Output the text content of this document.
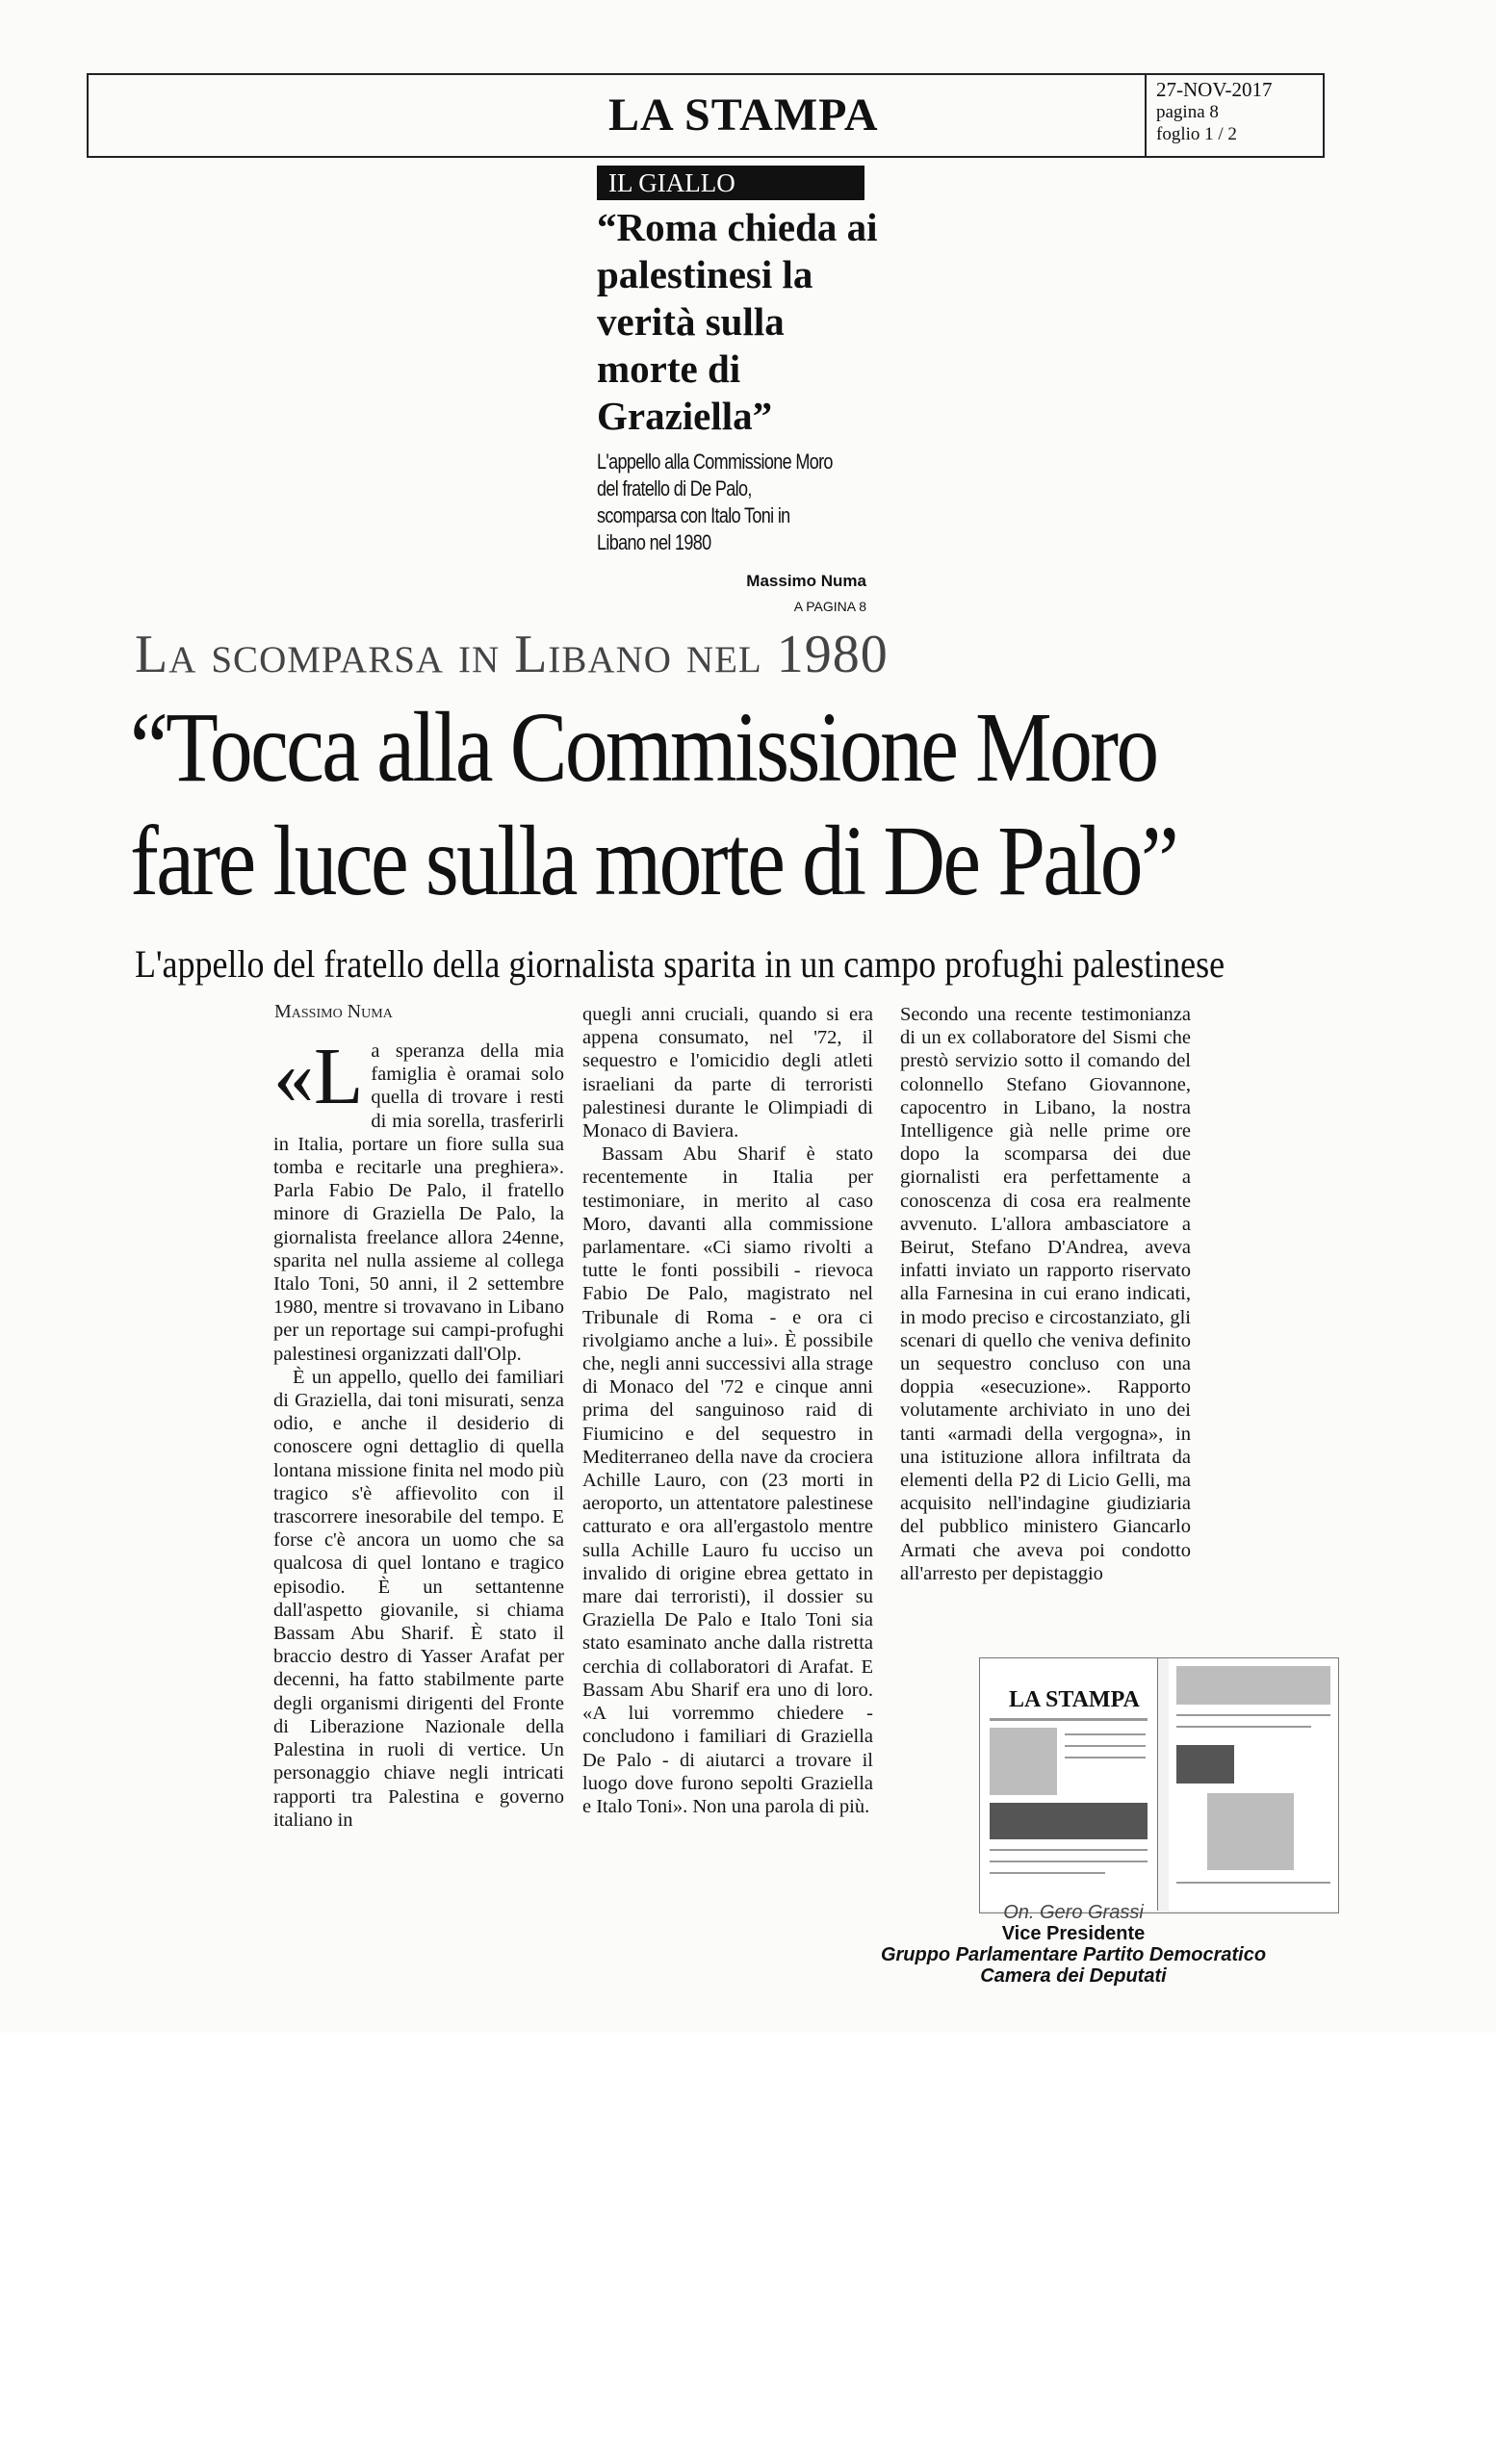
LA STAMPA	27-NOV-2017
pagina 8
foglio 1 / 2
IL GIALLO
“Roma chieda ai palestinesi la verità sulla morte di Graziella”
L'appello alla Commissione Moro del fratello di De Palo, scomparsa con Italo Toni in Libano nel 1980
Massimo Numa
A PAGINA 8
La scomparsa in Libano nel 1980
“Tocca alla Commissione Moro
fare luce sulla morte di De Palo”
L'appello del fratello della giornalista sparita in un campo profughi palestinese
Massimo Numa

«La speranza della mia famiglia è oramai solo quella di trovare i resti di mia sorella, trasferirli in Italia, portare un fiore sulla sua tomba e recitarle una preghiera». Parla Fabio De Palo, il fratello minore di Graziella De Palo, la giornalista freelance allora 24enne, sparita nel nulla assieme al collega Italo Toni, 50 anni, il 2 settembre 1980, mentre si trovavano in Libano per un reportage sui campi-profughi palestinesi organizzati dall'Olp.

È un appello, quello dei familiari di Graziella, dai toni misurati, senza odio, e anche il desiderio di conoscere ogni dettaglio di quella lontana missione finita nel modo più tragico s'è affievolito con il trascorrere inesorabile del tempo. E forse c'è ancora un uomo che sa qualcosa di quel lontano e tragico episodio. È un settantenne dall'aspetto giovanile, si chiama Bassam Abu Sharif. È stato il braccio destro di Yasser Arafat per decenni, ha fatto stabilmente parte degli organismi dirigenti del Fronte di Liberazione Nazionale della Palestina in ruoli di vertice. Un personaggio chiave negli intricati rapporti tra Palestina e governo italiano in

quegli anni cruciali, quando si era appena consumato, nel '72, il sequestro e l'omicidio degli atleti israeliani da parte di terroristi palestinesi durante le Olimpiadi di Monaco di Baviera.

Bassam Abu Sharif è stato recentemente in Italia per testimoniare, in merito al caso Moro, davanti alla commissione parlamentare. «Ci siamo rivolti a tutte le fonti possibili - rievoca Fabio De Palo, magistrato nel Tribunale di Roma - e ora ci rivolgiamo anche a lui». È possibile che, negli anni successivi alla strage di Monaco del '72 e cinque anni prima del sanguinoso raid di Fiumicino e del sequestro in Mediterraneo della nave da crociera Achille Lauro, con (23 morti in aeroporto, un attentatore palestinese catturato e ora all'ergastolo mentre sulla Achille Lauro fu ucciso un invalido di origine ebrea gettato in mare dai terroristi), il dossier su Graziella De Palo e Italo Toni sia stato esaminato anche dalla ristretta cerchia di collaboratori di Arafat. E Bassam Abu Sharif era uno di loro. «A lui vorremmo chiedere - concludono i familiari di Graziella De Palo - di aiutarci a trovare il luogo dove furono sepolti Graziella e Italo Toni». Non una parola di più.

Secondo una recente testimonianza di un ex collaboratore del Sismi che prestò servizio sotto il comando del colonnello Stefano Giovannone, capocentro in Libano, la nostra Intelligence già nelle prime ore dopo la scomparsa dei due giornalisti era perfettamente a conoscenza di cosa era realmente avvenuto. L'allora ambasciatore a Beirut, Stefano D'Andrea, aveva infatti inviato un rapporto riservato alla Farnesina in cui erano indicati, in modo preciso e circostanziato, gli scenari di quello che veniva definito un sequestro concluso con una doppia «esecuzione». Rapporto volutamente archiviato in uno dei tanti «armadi della vergogna», in una istituzione allora infiltrata da elementi della P2 di Licio Gelli, ma acquisito nell'indagine giudiziaria del pubblico ministero Giancarlo Armati che aveva poi condotto all'arresto per depistaggio

LA STAMPA
On. Gero Grassi
Vice Presidente
Gruppo Parlamentare Partito Democratico
Camera dei Deputati
